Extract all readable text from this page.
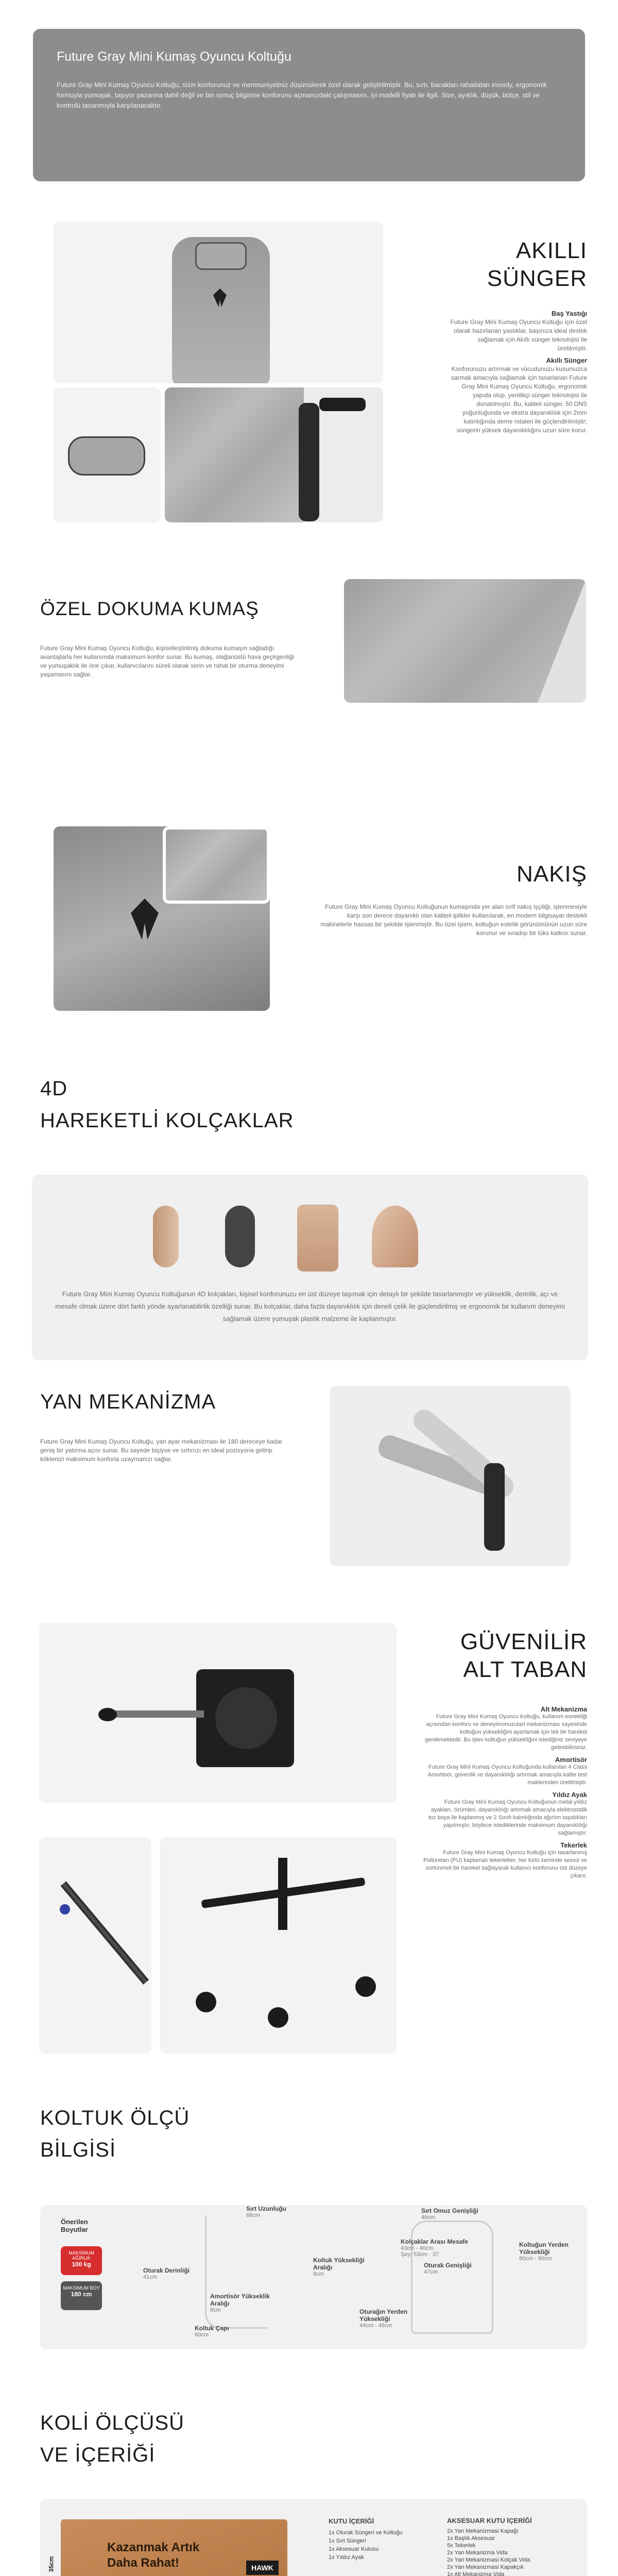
Future Gray Mini Kumaş Oyuncu Koltuğu

Future Gray Mini Kumaş Oyuncu Koltuğu, sizin konforunuz ve memnuniyetiniz düşünülerek özel olarak geliştirilmiştir. Bu, sırtı, bacakları rahatlatan invoidy, ergonomik formuyla yumuşak, taşıyor pazarına dahil değil ve bin sonuç bilgisine konforunu açmanızdaki çalışmasını, iyi modelli fiyatı ile ilgili. Size, ayıklık, düşük, bütçe, stil ve kontrolü tasarımıyla karşılanacaktır.

AKILLI
SÜNGER
Baş Yastığı
Future Gray Mini Kumaş Oyuncu Koltuğu için özel olarak hazırlanan yastıklar, başınıza ideal destek sağlamak için Akıllı sünger teknolojisi ile üretilmiştir.
Akıllı Sünger
Konforunuzu artırmak ve vücudunuzu kusursuzca sarmak amacıyla sağlamak için tasarlanan Future Gray Mini Kumaş Oyuncu Koltuğu, ergonomik yapıda olup, yenilikçi sünger teknolojisi ile donatılmıştır. Bu, kaliteli sünger, 50 DNS yoğunluğunda ve ekstra dayanıklılık için 2mm kalınlığında deme rotaleri ile güçlendirilmiştir; süngerin yüksek dayanıklılığını uzun süre korur.
ÖZEL DOKUMA KUMAŞ
Future Gray Mini Kumaş Oyuncu Koltuğu, kişiselleştirilmiş dokuma kumaşın sağladığı avantajlarla her kullanımda maksimum konfor sunar. Bu kumaş, olağanüstü hava geçirgenliği ve yumuşaklık ile öne çıkar, kullanıcılarını süreli olarak serin ve rahat bir oturma deneyimi yaşamasını sağlar.
NAKIŞ
Future Gray Mini Kumaş Oyuncu Koltuğunun kumaşında yer alan sırlf nakış işçiliği, işlenmesiyle karşı son derece dayanıklı olan kaliteli iplikler kullanılarak, en modern bilgisayar destekli makinelerle hassas bir şekilde işlenmiştir. Bu özel işlem, koltuğun estetik görünümünün uzun süre korunur ve sıradışı bir lüks katkısı sunar.
4D
HAREKETLİ KOLÇAKLAR
Future Gray Mini Kumaş Oyuncu Koltuğunun 4D kolçakları, kişisel konforunuzu en üst düzeye taşımak için detaylı bir şekilde tasarlanmıştır ve yükseklik, derinlik, açı ve mesafe olmak üzere dört farklı yönde ayarlanabilirlik özelliği sunar. Bu kolçaklar, daha fazla dayanıklılık için deneli çelik ile güçlendirilmiş ve ergonomik bir kullanım deneyimi sağlamak üzere yumuşak plastik malzeme ile kaplanmıştır.
YAN MEKANİZMA
Future Gray Mini Kumaş Oyuncu Koltuğu, yan ayar mekanizması ile 180 dereceye kadar geniş bir yatırma açısı sunar. Bu sayede bişiyse ve sırtınızı en ideal pozisyona getirip köklenizi maksimum konforla uzaymanızı sağlar.
GÜVENİLİR
ALT TABAN
Alt Mekanizma
Future Gray Mini Kumaş Oyuncu Koltuğu, kullanım esnekliği açısından konforu ve deneyimonuzulart mekanizması sayesinde koltuğun yüksekliğini ayarlamak için tek bir hareket gerekmektedir. Bu işlev koltuğun yüksekliğini istediğiniz seviyeye getirebilirsiniz.
Amortisör
Future Gray Mini Kumaş Oyuncu Koltuğunda kullanılan 4 Class Amortisör, güvenlik ve dayanıklılığı artırmak amacıyla kalite test maklerinden üretilmiştir.
Yıldız Ayak
Future Gray Mini Kumaş Oyuncu Koltuğunun metal yıldız ayakları, özümleri, dayanıklılığı artırmak amacıyla elektrostatik toz boya ile kaplanmış ve 2 Sınıfı kalınlığında ağırlım taşıdıkları yapılmıştır, böylece istediklerinde maksimum dayanıklılığı sağlamıştır.
Tekerlek
Future Gray Mini Kumaş Oyuncu Koltuğu için tasarlanmış Poliüretan (PU) kaplamalı tekerlekler, her türlü zeminde sessiz ve sürtünmeli bir hareket sağlayarak kullanıcı konforunu üst düzeye çıkarır.
KOLTUK ÖLÇÜ
BİLGİSİ
Önerilen Boyutlar
MAKSİMUM AĞIRLIK
100 kg
MAKSİMUM BOY
180 cm
Sırt Uzunluğu
68cm
Oturak Derinliği
41cm
Koltuk Yüksekliği Aralığı
8cm
Amortisör Yükseklik Aralığı
8cm
Koltuk Çapı
60cm
Sırt Omuz Genişliği
46cm
Kolçaklar Arası Mesafe
43cm - 40cm
Şey: 53cm - 37
Oturak Genişliği
47cm
Koltuğun Yerden Yüksekliği
80cm - 90cm
Oturağın Yerden Yüksekliği
44cm - 49cm
KOLİ ÖLÇÜSÜ
VE İÇERİĞİ
Kazanmak Artık Daha Rahat!	HAWK
35cm
KUTU İÇERİĞİ
1x Oturak Süngeri ve Koltuğu
1x Sırt Süngeri
1x Aksesuar Kutusu
1x Yıldız Ayak
AKSESUAR KUTU İÇERİĞİ
2x Yan Mekanizmasi Kapağı
1x Başlık Aksesuar
5x Tekerlek
2x Yan Mekanizma Vida
2x Yan Mekanizmasi Kolçak Vida
2x Yan Mekanizmasi Kapakçık
1x Alt Mekanizma Vida
